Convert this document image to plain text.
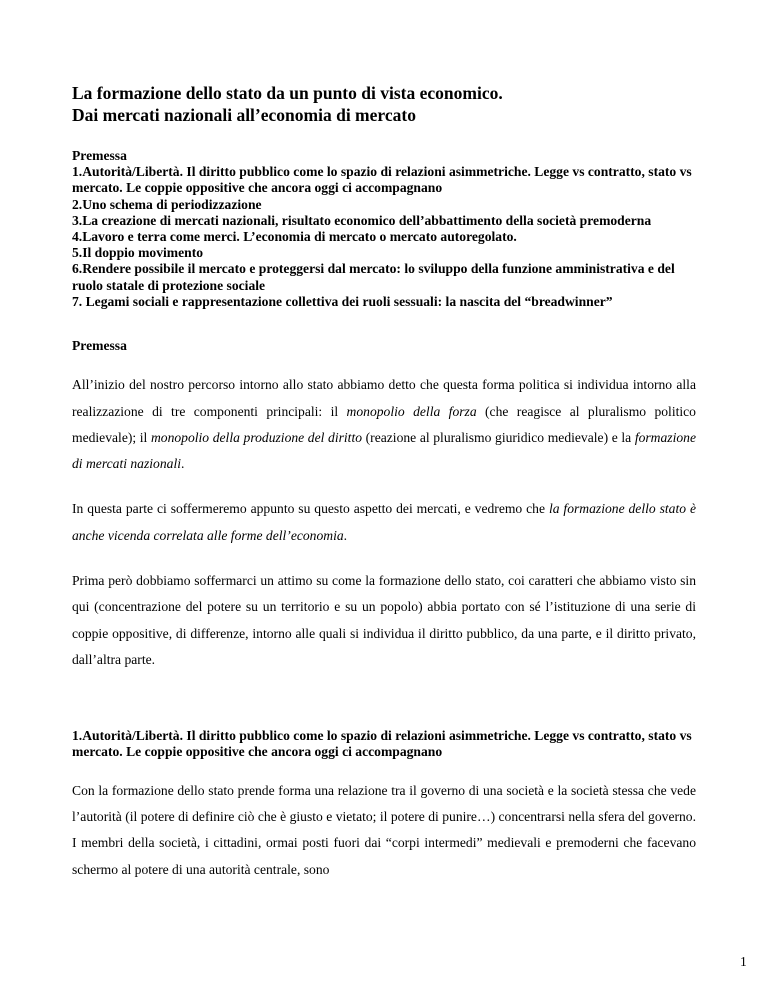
La formazione dello stato da un punto di vista economico.
Dai mercati nazionali all’economia di mercato

Premessa

1.Autorità/Libertà. Il diritto pubblico come lo spazio di relazioni asimmetriche. Legge vs contratto, stato vs mercato. Le coppie oppositive che ancora oggi ci accompagnano

2.Uno schema di periodizzazione

3.La creazione di mercati nazionali, risultato economico dell’abbattimento della società premoderna

4.Lavoro e terra come merci. L’economia di mercato o mercato autoregolato.

5.Il doppio movimento

6.Rendere possibile il mercato e proteggersi dal mercato: lo sviluppo della funzione amministrativa e del ruolo statale di protezione sociale

7. Legami sociali e rappresentazione collettiva dei ruoli sessuali: la nascita del “breadwinner”

Premessa

All’inizio del nostro percorso intorno allo stato abbiamo detto che questa forma politica si individua intorno alla realizzazione di tre componenti principali: il monopolio della forza (che reagisce al pluralismo politico medievale); il monopolio della produzione del diritto (reazione al pluralismo giuridico medievale) e la formazione di mercati nazionali.

In questa parte ci soffermeremo appunto su questo aspetto dei mercati, e vedremo che la formazione dello stato è anche vicenda correlata alle forme dell’economia.

Prima però dobbiamo soffermarci un attimo su come la formazione dello stato, coi caratteri che abbiamo visto sin qui (concentrazione del potere su un territorio e su un popolo) abbia portato con sé l’istituzione di una serie di coppie oppositive, di differenze, intorno alle quali si individua il diritto pubblico, da una parte, e il diritto privato, dall’altra parte.

1.Autorità/Libertà. Il diritto pubblico come lo spazio di relazioni asimmetriche. Legge vs contratto, stato vs mercato. Le coppie oppositive che ancora oggi ci accompagnano

Con la formazione dello stato prende forma una relazione tra il governo di una società e la società stessa che vede l’autorità (il potere di definire ciò che è giusto e vietato; il potere di punire…) concentrarsi nella sfera del governo. I membri della società, i cittadini, ormai posti fuori dai “corpi intermedi” medievali e premoderni che facevano schermo al potere di una autorità centrale, sono

1
